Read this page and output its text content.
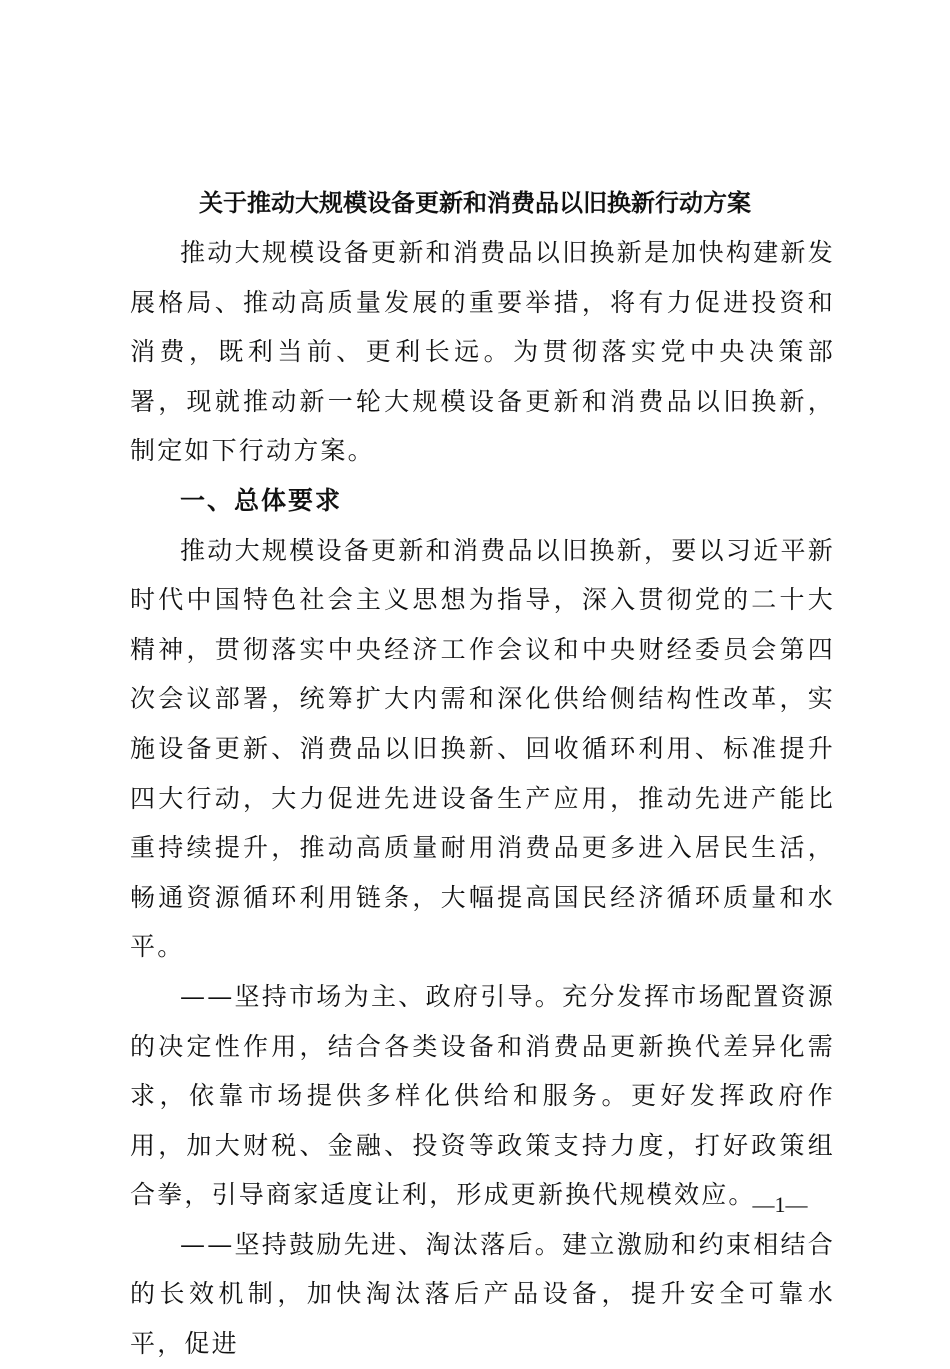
关于推动大规模设备更新和消费品以旧换新行动方案

推动大规模设备更新和消费品以旧换新是加快构建新发展格局、推动高质量发展的重要举措，将有力促进投资和消费，既利当前、更利长远。为贯彻落实党中央决策部署，现就推动新一轮大规模设备更新和消费品以旧换新，制定如下行动方案。

一、总体要求

推动大规模设备更新和消费品以旧换新，要以习近平新时代中国特色社会主义思想为指导，深入贯彻党的二十大精神，贯彻落实中央经济工作会议和中央财经委员会第四次会议部署，统筹扩大内需和深化供给侧结构性改革，实施设备更新、消费品以旧换新、回收循环利用、标准提升四大行动，大力促进先进设备生产应用，推动先进产能比重持续提升，推动高质量耐用消费品更多进入居民生活，畅通资源循环利用链条，大幅提高国民经济循环质量和水平。

——坚持市场为主、政府引导。充分发挥市场配置资源的决定性作用，结合各类设备和消费品更新换代差异化需求，依靠市场提供多样化供给和服务。更好发挥政府作用，加大财税、金融、投资等政策支持力度，打好政策组合拳，引导商家适度让利，形成更新换代规模效应。

——坚持鼓励先进、淘汰落后。建立激励和约束相结合的长效机制，加快淘汰落后产品设备，提升安全可靠水平，促进

—1—
